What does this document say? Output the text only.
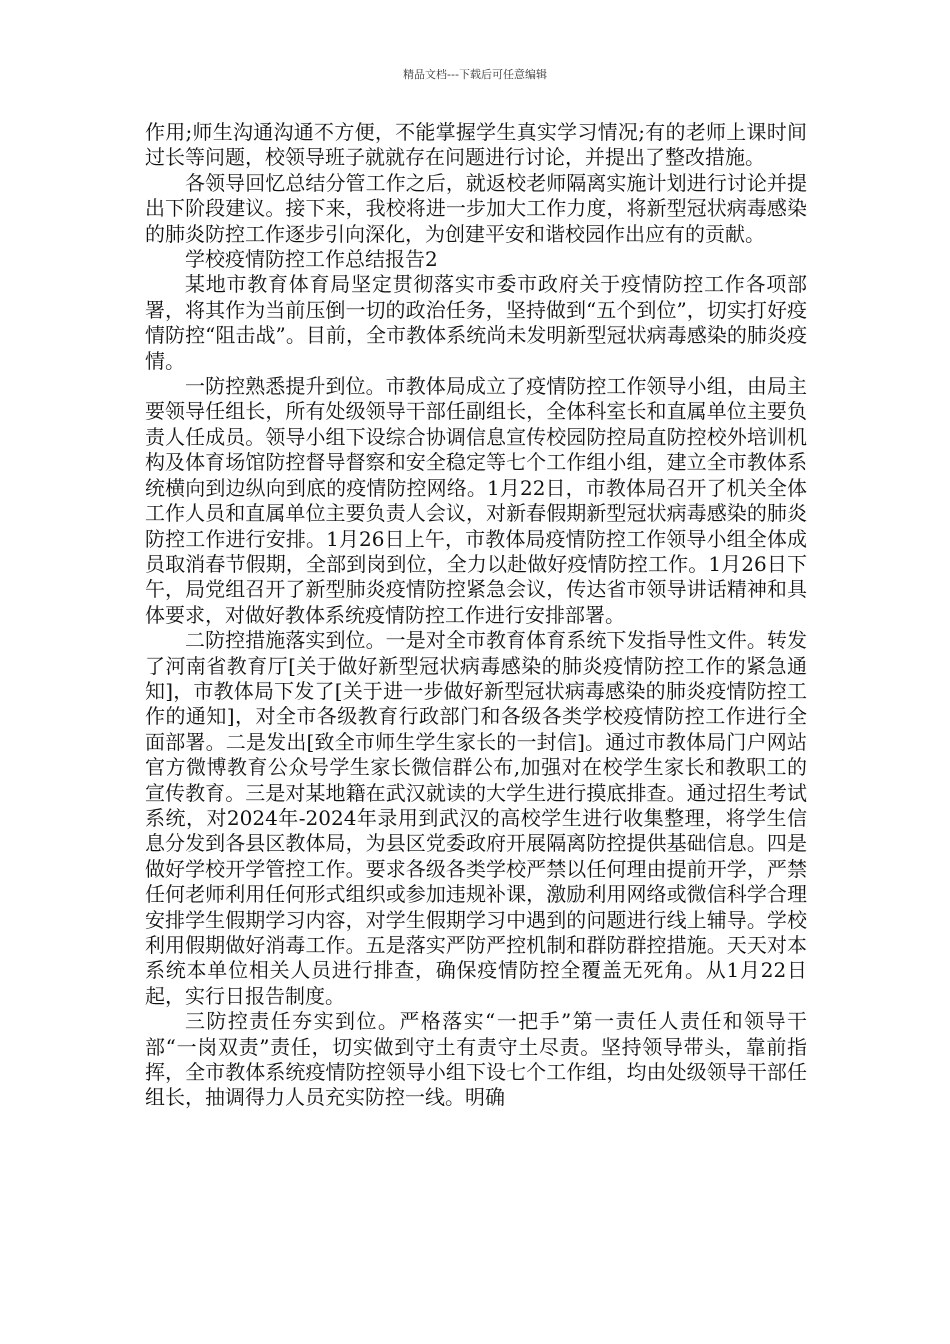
精品文档---下载后可任意编辑

作用;师生沟通沟通不方便，不能掌握学生真实学习情况;有的老师上课时间过长等问题，校领导班子就就存在问题进行讨论，并提出了整改措施。

各领导回忆总结分管工作之后，就返校老师隔离实施计划进行讨论并提出下阶段建议。接下来，我校将进一步加大工作力度，将新型冠状病毒感染的肺炎防控工作逐步引向深化，为创建平安和谐校园作出应有的贡献。

学校疫情防控工作总结报告2

某地市教育体育局坚定贯彻落实市委市政府关于疫情防控工作各项部署，将其作为当前压倒一切的政治任务，坚持做到“五个到位”，切实打好疫情防控“阻击战”。目前，全市教体系统尚未发明新型冠状病毒感染的肺炎疫情。

一防控熟悉提升到位。市教体局成立了疫情防控工作领导小组，由局主要领导任组长，所有处级领导干部任副组长，全体科室长和直属单位主要负责人任成员。领导小组下设综合协调信息宣传校园防控局直防控校外培训机构及体育场馆防控督导督察和安全稳定等七个工作组小组，建立全市教体系统横向到边纵向到底的疫情防控网络。1月22日，市教体局召开了机关全体工作人员和直属单位主要负责人会议，对新春假期新型冠状病毒感染的肺炎防控工作进行安排。1月26日上午，市教体局疫情防控工作领导小组全体成员取消春节假期，全部到岗到位，全力以赴做好疫情防控工作。1月26日下午，局党组召开了新型肺炎疫情防控紧急会议，传达省市领导讲话精神和具体要求，对做好教体系统疫情防控工作进行安排部署。

二防控措施落实到位。一是对全市教育体育系统下发指导性文件。转发了河南省教育厅[关于做好新型冠状病毒感染的肺炎疫情防控工作的紧急通知]，市教体局下发了[关于进一步做好新型冠状病毒感染的肺炎疫情防控工作的通知]，对全市各级教育行政部门和各级各类学校疫情防控工作进行全面部署。二是发出[致全市师生学生家长的一封信]。通过市教体局门户网站官方微博教育公众号学生家长微信群公布,加强对在校学生家长和教职工的宣传教育。三是对某地籍在武汉就读的大学生进行摸底排查。通过招生考试系统，对2024年-2024年录用到武汉的高校学生进行收集整理，将学生信息分发到各县区教体局，为县区党委政府开展隔离防控提供基础信息。四是做好学校开学管控工作。要求各级各类学校严禁以任何理由提前开学，严禁任何老师利用任何形式组织或参加违规补课，激励利用网络或微信科学合理安排学生假期学习内容，对学生假期学习中遇到的问题进行线上辅导。学校利用假期做好消毒工作。五是落实严防严控机制和群防群控措施。天天对本系统本单位相关人员进行排查，确保疫情防控全覆盖无死角。从1月22日起，实行日报告制度。

三防控责任夯实到位。严格落实“一把手”第一责任人责任和领导干部“一岗双责”责任，切实做到守土有责守土尽责。坚持领导带头，靠前指挥，全市教体系统疫情防控领导小组下设七个工作组，均由处级领导干部任组长，抽调得力人员充实防控一线。明确
